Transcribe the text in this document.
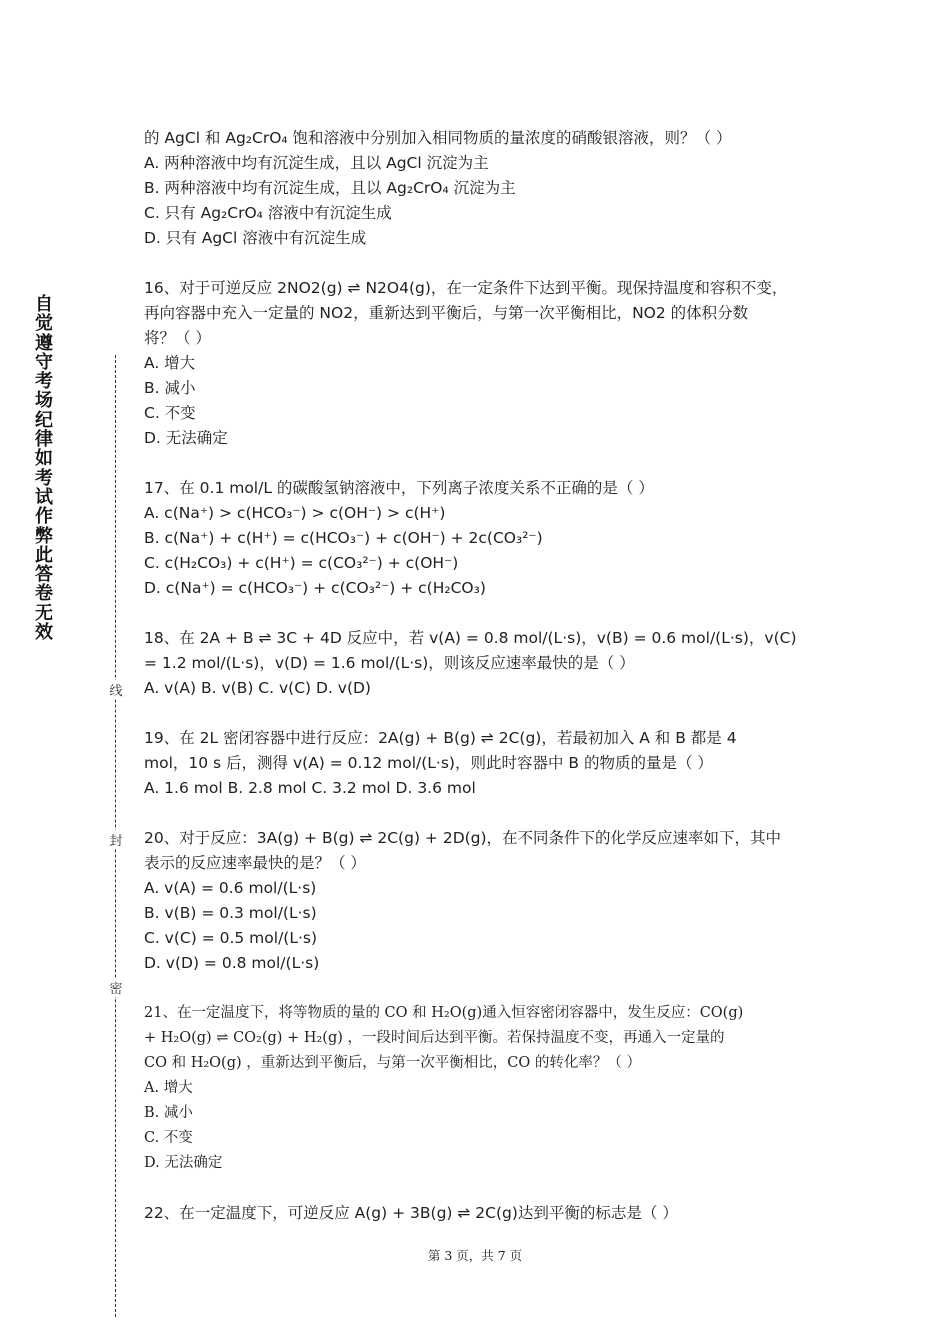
自
觉
遵
守
考
场
纪
律
如
考
试
作
弊
此
答
卷
无
效
线
封
密
的 AgCl 和 Ag₂CrO₄ 饱和溶液中分别加入相同物质的量浓度的硝酸银溶液，则？（ ）
A. 两种溶液中均有沉淀生成，且以 AgCl 沉淀为主
B. 两种溶液中均有沉淀生成，且以 Ag₂CrO₄ 沉淀为主
C. 只有 Ag₂CrO₄ 溶液中有沉淀生成
D. 只有 AgCl 溶液中有沉淀生成
16、对于可逆反应 2NO2(g) ⇌ N2O4(g)，在一定条件下达到平衡。现保持温度和容积不变，
再向容器中充入一定量的 NO2，重新达到平衡后，与第一次平衡相比，NO2 的体积分数
将？（ ）
A. 增大
B. 减小
C. 不变
D. 无法确定
17、在 0.1 mol/L 的碳酸氢钠溶液中，下列离子浓度关系不正确的是（ ）
A. c(Na⁺) > c(HCO₃⁻) > c(OH⁻) > c(H⁺)
B. c(Na⁺) + c(H⁺) = c(HCO₃⁻) + c(OH⁻) + 2c(CO₃²⁻)
C. c(H₂CO₃) + c(H⁺) = c(CO₃²⁻) + c(OH⁻)
D. c(Na⁺) = c(HCO₃⁻) + c(CO₃²⁻) + c(H₂CO₃)
18、在 2A + B ⇌ 3C + 4D 反应中，若 v(A) = 0.8 mol/(L·s)，v(B) = 0.6 mol/(L·s)，v(C)
= 1.2 mol/(L·s)，v(D) = 1.6 mol/(L·s)，则该反应速率最快的是（ ）
A. v(A) B. v(B) C. v(C) D. v(D)
19、在 2L 密闭容器中进行反应：2A(g) + B(g) ⇌ 2C(g)，若最初加入 A 和 B 都是 4
mol，10 s 后，测得 v(A) = 0.12 mol/(L·s)，则此时容器中 B 的物质的量是（ ）
A. 1.6 mol B. 2.8 mol C. 3.2 mol D. 3.6 mol
20、对于反应：3A(g) + B(g) ⇌ 2C(g) + 2D(g)，在不同条件下的化学反应速率如下，其中
表示的反应速率最快的是？（ ）
A. v(A) = 0.6 mol/(L·s)
B. v(B) = 0.3 mol/(L·s)
C. v(C) = 0.5 mol/(L·s)
D. v(D) = 0.8 mol/(L·s)
21、在一定温度下，将等物质的量的 CO 和 H₂O(g)通入恒容密闭容器中，发生反应：CO(g)
+ H₂O(g) ⇌ CO₂(g) + H₂(g) ，一段时间后达到平衡。若保持温度不变，再通入一定量的
CO 和 H₂O(g) ，重新达到平衡后，与第一次平衡相比，CO 的转化率？（ ）
A. 增大
B. 减小
C. 不变
D. 无法确定
22、在一定温度下，可逆反应 A(g) + 3B(g) ⇌ 2C(g)达到平衡的标志是（ ）
第 3 页，共 7 页
